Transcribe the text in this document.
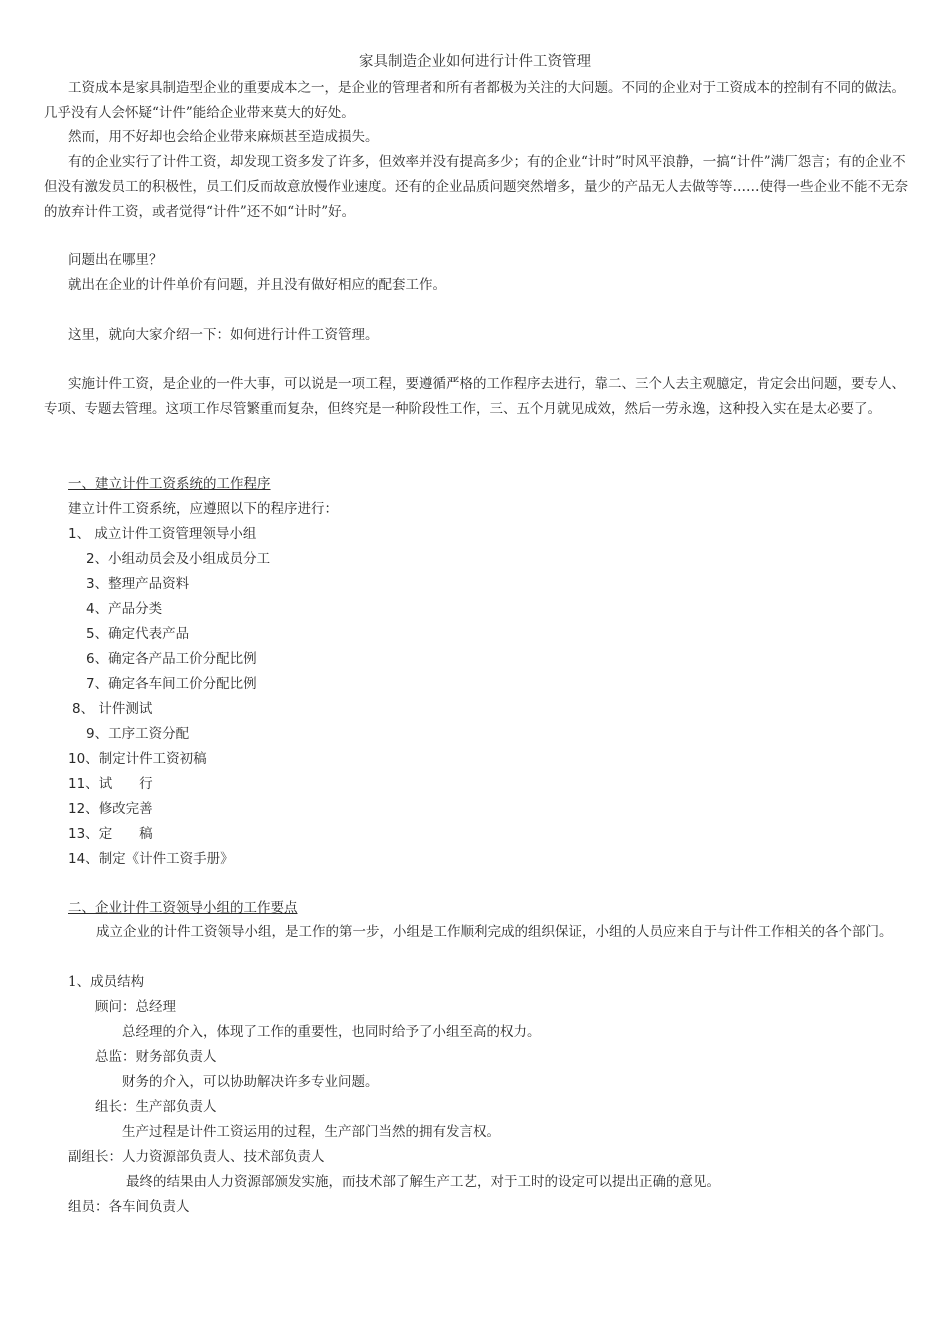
家具制造企业如何进行计件工资管理

工资成本是家具制造型企业的重要成本之一，是企业的管理者和所有者都极为关注的大问题。不同的企业对于工资成本的控制有不同的做法。几乎没有人会怀疑“计件”能给企业带来莫大的好处。

然而，用不好却也会给企业带来麻烦甚至造成损失。

有的企业实行了计件工资，却发现工资多发了许多，但效率并没有提高多少；有的企业“计时”时风平浪静，一搞“计件”满厂怨言；有的企业不但没有激发员工的积极性，员工们反而故意放慢作业速度。还有的企业品质问题突然增多，量少的产品无人去做等等……使得一些企业不能不无奈的放弃计件工资，或者觉得“计件”还不如“计时”好。

问题出在哪里？
就出在企业的计件单价有问题，并且没有做好相应的配套工作。
这里，就向大家介绍一下：如何进行计件工资管理。

实施计件工资，是企业的一件大事，可以说是一项工程，要遵循严格的工作程序去进行，靠二、三个人去主观臆定，肯定会出问题，要专人、专项、专题去管理。这项工作尽管繁重而复杂，但终究是一种阶段性工作，三、五个月就见成效，然后一劳永逸，这种投入实在是太必要了。

一、建立计件工资系统的工作程序
建立计件工资系统，应遵照以下的程序进行：
1、 成立计件工资管理领导小组
2、小组动员会及小组成员分工
3、整理产品资料
4、产品分类
5、确定代表产品
6、确定各产品工价分配比例
7、确定各车间工价分配比例
8、 计件测试
9、工序工资分配
10、制定计件工资初稿
11、试　　行
12、修改完善
13、定　　稿
14、制定《计件工资手册》
二、企业计件工资领导小组的工作要点

成立企业的计件工资领导小组，是工作的第一步，小组是工作顺利完成的组织保证，小组的人员应来自于与计件工作相关的各个部门。

1、成员结构
顾问：总经理
总经理的介入，体现了工作的重要性，也同时给予了小组至高的权力。
总监：财务部负责人
财务的介入，可以协助解决许多专业问题。
组长：生产部负责人
生产过程是计件工资运用的过程，生产部门当然的拥有发言权。
副组长：人力资源部负责人、技术部负责人
最终的结果由人力资源部颁发实施，而技术部了解生产工艺，对于工时的设定可以提出正确的意见。
组员：各车间负责人
